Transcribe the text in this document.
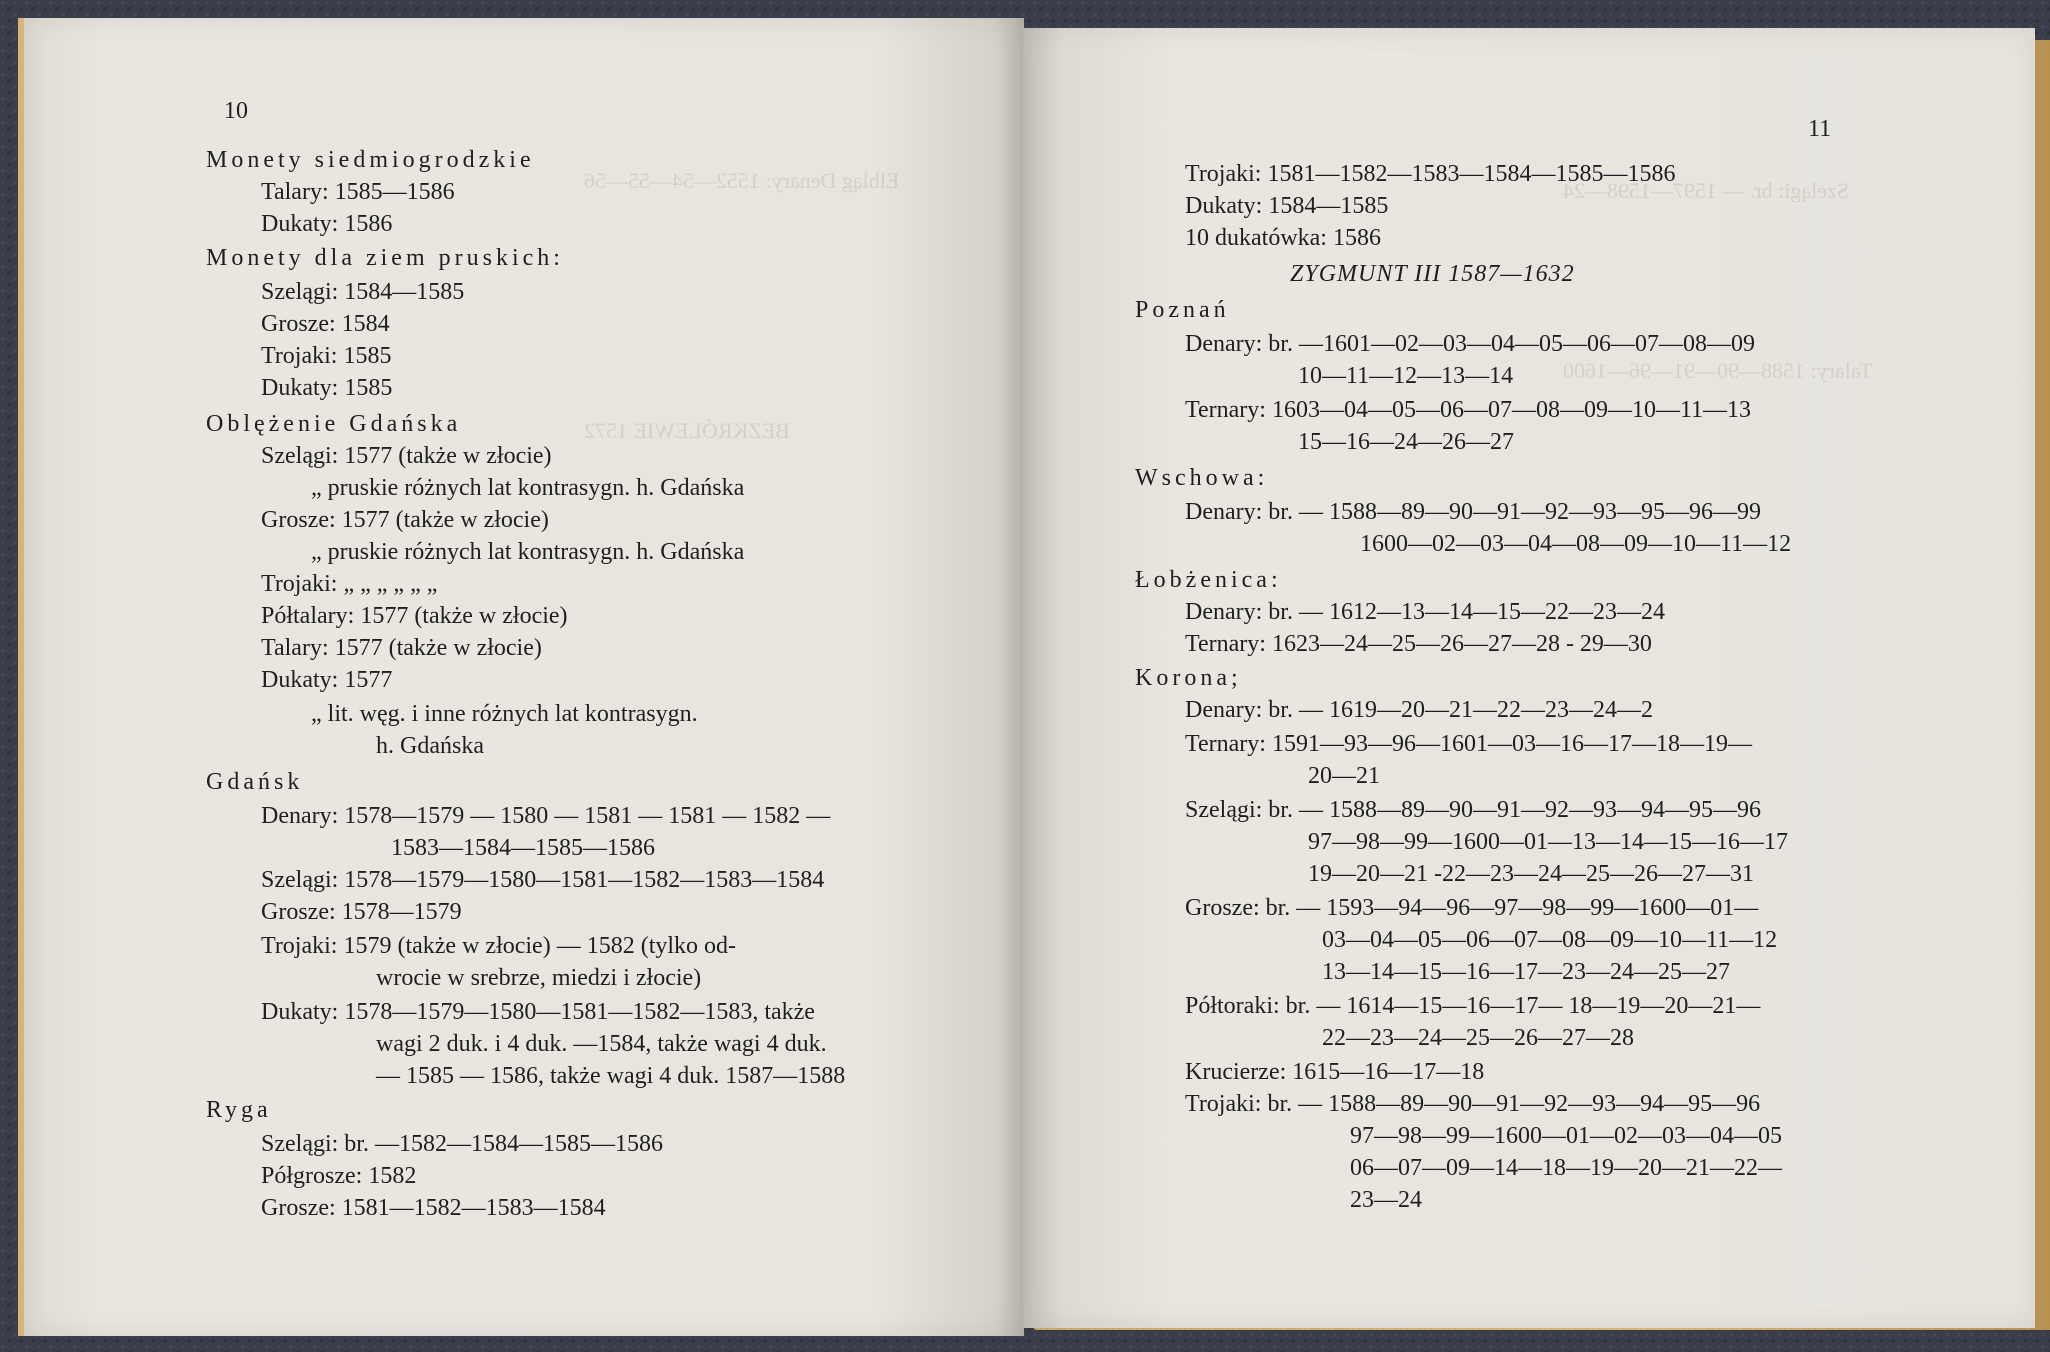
Elbląg Denary: 1552—54—55—56
BEZKRÓLEWIE 1572
10
Monety siedmiogrodzkie
Talary: 1585—1586
Dukaty: 1586
Monety dla ziem pruskich:
Szelągi: 1584—1585
Grosze: 1584
Trojaki: 1585
Dukaty: 1585
Oblężenie Gdańska
Szelągi: 1577 (także w złocie)
„ pruskie różnych lat kontrasygn. h. Gdańska
Grosze: 1577 (także w złocie)
„ pruskie różnych lat kontrasygn. h. Gdańska
Trojaki: „ „ „ „ „ „
Półtalary: 1577 (także w złocie)
Talary: 1577 (także w złocie)
Dukaty: 1577
„ lit. węg. i inne różnych lat kontrasygn.
h. Gdańska
Gdańsk
Denary: 1578—1579 — 1580 — 1581 — 1581 — 1582 —
1583—1584—1585—1586
Szelągi: 1578—1579—1580—1581—1582—1583—1584
Grosze: 1578—1579
Trojaki: 1579 (także w złocie) — 1582 (tylko od-
wrocie w srebrze, miedzi i złocie)
Dukaty: 1578—1579—1580—1581—1582—1583, także
wagi 2 duk. i 4 duk. —1584, także wagi 4 duk.
— 1585 — 1586, także wagi 4 duk. 1587—1588
Ryga
Szelągi: br. —1582—1584—1585—1586
Półgrosze: 1582
Grosze: 1581—1582—1583—1584
Szelągi: br. — 1597—1598—24
Talary: 1588—90—91—96—1600
11
Trojaki: 1581—1582—1583—1584—1585—1586
Dukaty: 1584—1585
10 dukatówka: 1586
ZYGMUNT III 1587—1632
Poznań
Denary: br. —1601—02—03—04—05—06—07—08—09
10—11—12—13—14
Ternary: 1603—04—05—06—07—08—09—10—11—13
15—16—24—26—27
Wschowa:
Denary: br. — 1588—89—90—91—92—93—95—96—99
1600—02—03—04—08—09—10—11—12
Łobżenica:
Denary: br. — 1612—13—14—15—22—23—24
Ternary: 1623—24—25—26—27—28 - 29—30
Korona;
Denary: br. — 1619—20—21—22—23—24—2
Ternary: 1591—93—96—1601—03—16—17—18—19—
20—21
Szelągi: br. — 1588—89—90—91—92—93—94—95—96
97—98—99—1600—01—13—14—15—16—17
19—20—21 -22—23—24—25—26—27—31
Grosze: br. — 1593—94—96—97—98—99—1600—01—
03—04—05—06—07—08—09—10—11—12
13—14—15—16—17—23—24—25—27
Półtoraki: br. — 1614—15—16—17— 18—19—20—21—
22—23—24—25—26—27—28
Krucierze: 1615—16—17—18
Trojaki: br. — 1588—89—90—91—92—93—94—95—96
97—98—99—1600—01—02—03—04—05
06—07—09—14—18—19—20—21—22—
23—24
